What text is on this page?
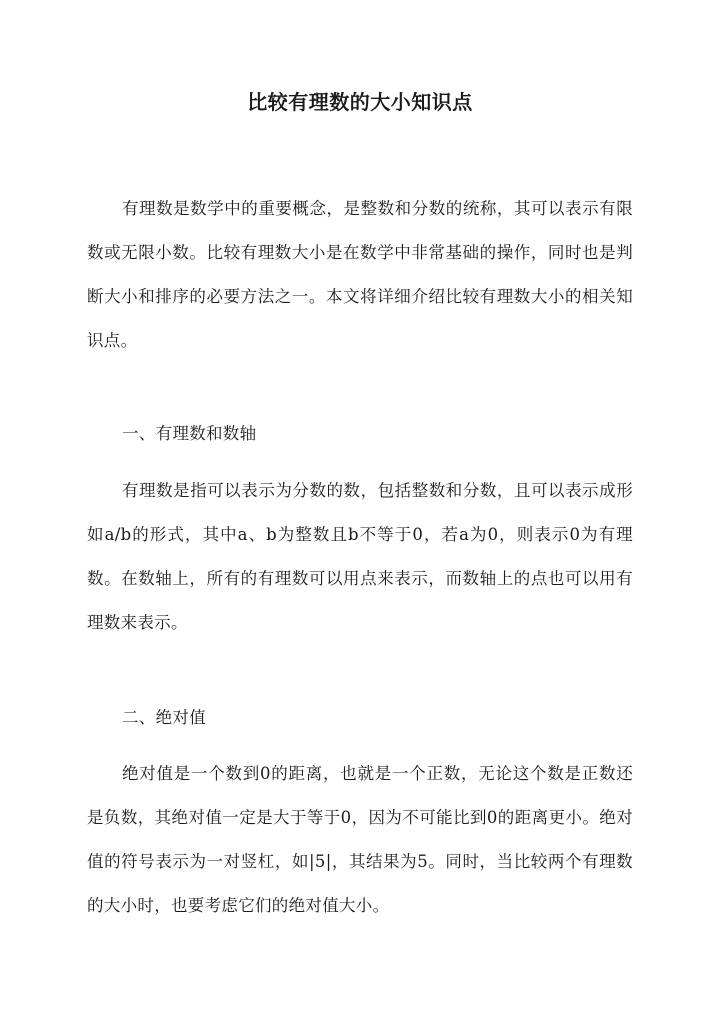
比较有理数的大小知识点

有理数是数学中的重要概念，是整数和分数的统称，其可以表示有限数或无限小数。比较有理数大小是在数学中非常基础的操作，同时也是判断大小和排序的必要方法之一。本文将详细介绍比较有理数大小的相关知识点。

一、有理数和数轴

有理数是指可以表示为分数的数，包括整数和分数，且可以表示成形如a/b的形式，其中a、b为整数且b不等于0，若a为0，则表示0为有理数。在数轴上，所有的有理数可以用点来表示，而数轴上的点也可以用有理数来表示。

二、绝对值

绝对值是一个数到0的距离，也就是一个正数，无论这个数是正数还是负数，其绝对值一定是大于等于0，因为不可能比到0的距离更小。绝对值的符号表示为一对竖杠，如|5|，其结果为5。同时，当比较两个有理数的大小时，也要考虑它们的绝对值大小。
